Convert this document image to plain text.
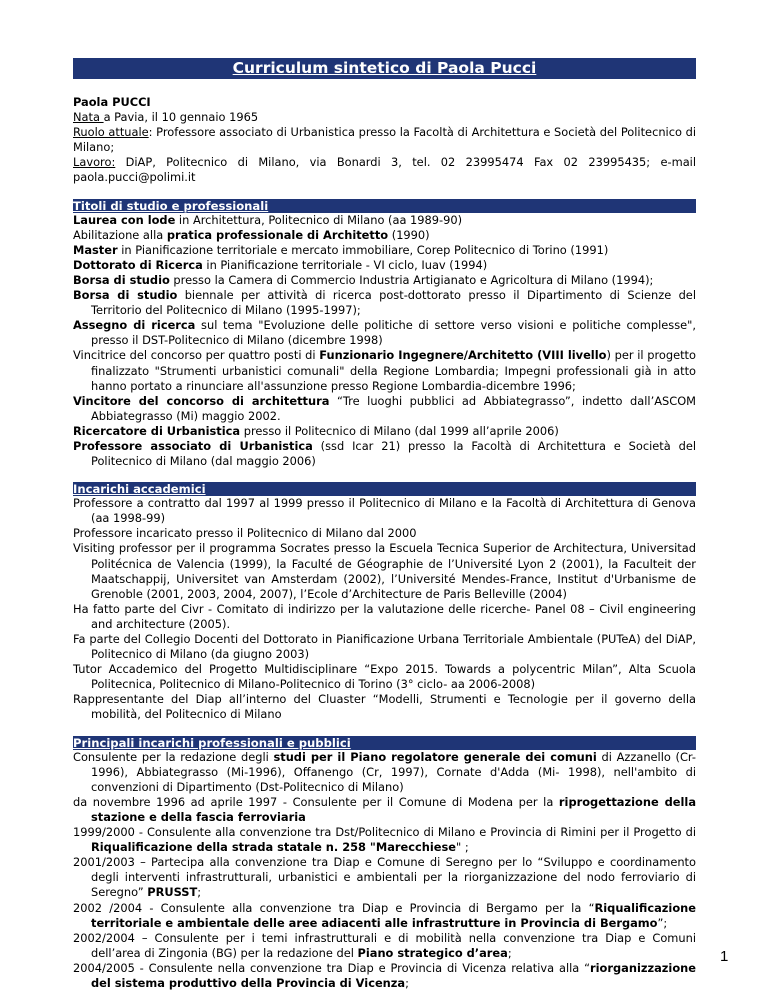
Curriculum sintetico di Paola Pucci

Paola PUCCI

Nata a Pavia, il 10 gennaio 1965

Ruolo attuale: Professore associato di Urbanistica presso la Facoltà di Architettura e Società del Politecnico di Milano;

Lavoro: DiAP, Politecnico di Milano, via Bonardi 3, tel. 02 23995474 Fax 02 23995435; e-mail paola.pucci@polimi.it

Titoli di studio e professionali

Laurea con lode in Architettura, Politecnico di Milano (aa 1989-90)

Abilitazione alla pratica professionale di Architetto (1990)

Master in Pianificazione territoriale e mercato immobiliare, Corep Politecnico di Torino (1991)

Dottorato di Ricerca in Pianificazione territoriale - VI ciclo, Iuav (1994)

Borsa di studio presso la Camera di Commercio Industria Artigianato e Agricoltura di Milano (1994);

Borsa di studio biennale per attività di ricerca post-dottorato presso il Dipartimento di Scienze del Territorio del Politecnico di Milano (1995-1997);

Assegno di ricerca sul tema "Evoluzione delle politiche di settore verso visioni e politiche complesse", presso il DST-Politecnico di Milano (dicembre 1998)

Vincitrice del concorso per quattro posti di Funzionario Ingegnere/Architetto (VIII livello) per il progetto finalizzato "Strumenti urbanistici comunali" della Regione Lombardia; Impegni professionali già in atto hanno portato a rinunciare all'assunzione presso Regione Lombardia-dicembre 1996;

Vincitore del concorso di architettura “Tre luoghi pubblici ad Abbiategrasso”, indetto dall’ASCOM Abbiategrasso (Mi) maggio 2002.

Ricercatore di Urbanistica presso il Politecnico di Milano (dal 1999 all’aprile 2006)

Professore associato di Urbanistica (ssd Icar 21) presso la Facoltà di Architettura e Società del Politecnico di Milano (dal maggio 2006)

Incarichi accademici

Professore a contratto dal 1997 al 1999 presso il Politecnico di Milano e la Facoltà di Architettura di Genova (aa 1998-99)

Professore incaricato presso il Politecnico di Milano dal 2000

Visiting professor per il programma Socrates presso la Escuela Tecnica Superior de Architectura, Universitad Politécnica de Valencia (1999), la Faculté de Géographie de l’Université Lyon 2 (2001), la Faculteit der Maatschappij, Universitet van Amsterdam (2002), l’Université Mendes-France, Institut d'Urbanisme de Grenoble (2001, 2003, 2004, 2007), l’Ecole d’Architecture de Paris Belleville (2004)

Ha fatto parte del Civr - Comitato di indirizzo per la valutazione delle ricerche- Panel 08 – Civil engineering and architecture (2005).

Fa parte del Collegio Docenti del Dottorato in Pianificazione Urbana Territoriale Ambientale (PUTeA) del DiAP, Politecnico di Milano (da giugno 2003)

Tutor Accademico del Progetto Multidisciplinare “Expo 2015. Towards a polycentric Milan”, Alta Scuola Politecnica, Politecnico di Milano-Politecnico di Torino (3° ciclo- aa 2006-2008)

Rappresentante del Diap all’interno del Cluaster “Modelli, Strumenti e Tecnologie per il governo della mobilità, del Politecnico di Milano

Principali incarichi professionali e pubblici

Consulente per la redazione degli studi per il Piano regolatore generale dei comuni di Azzanello (Cr-1996), Abbiategrasso (Mi-1996), Offanengo (Cr, 1997), Cornate d'Adda (Mi- 1998), nell'ambito di convenzioni di Dipartimento (Dst-Politecnico di Milano)

da novembre 1996 ad aprile 1997 - Consulente per il Comune di Modena per la riprogettazione della stazione e della fascia ferroviaria

1999/2000 - Consulente alla convenzione tra Dst/Politecnico di Milano e Provincia di Rimini per il Progetto di Riqualificazione della strada statale n. 258 "Marecchiese" ;

2001/2003 – Partecipa alla convenzione tra Diap e Comune di Seregno per lo “Sviluppo e coordinamento degli interventi infrastrutturali, urbanistici e ambientali per la riorganizzazione del nodo ferroviario di Seregno” PRUSST;

2002 /2004 - Consulente alla convenzione tra Diap e Provincia di Bergamo per la “Riqualificazione territoriale e ambientale delle aree adiacenti alle infrastrutture in Provincia di Bergamo”;

2002/2004 – Consulente per i temi infrastrutturali e di mobilità nella convenzione tra Diap e Comuni dell’area di Zingonia (BG) per la redazione del Piano strategico d’area;

2004/2005 - Consulente nella convenzione tra Diap e Provincia di Vicenza relativa alla “riorganizzazione del sistema produttivo della Provincia di Vicenza;

1
